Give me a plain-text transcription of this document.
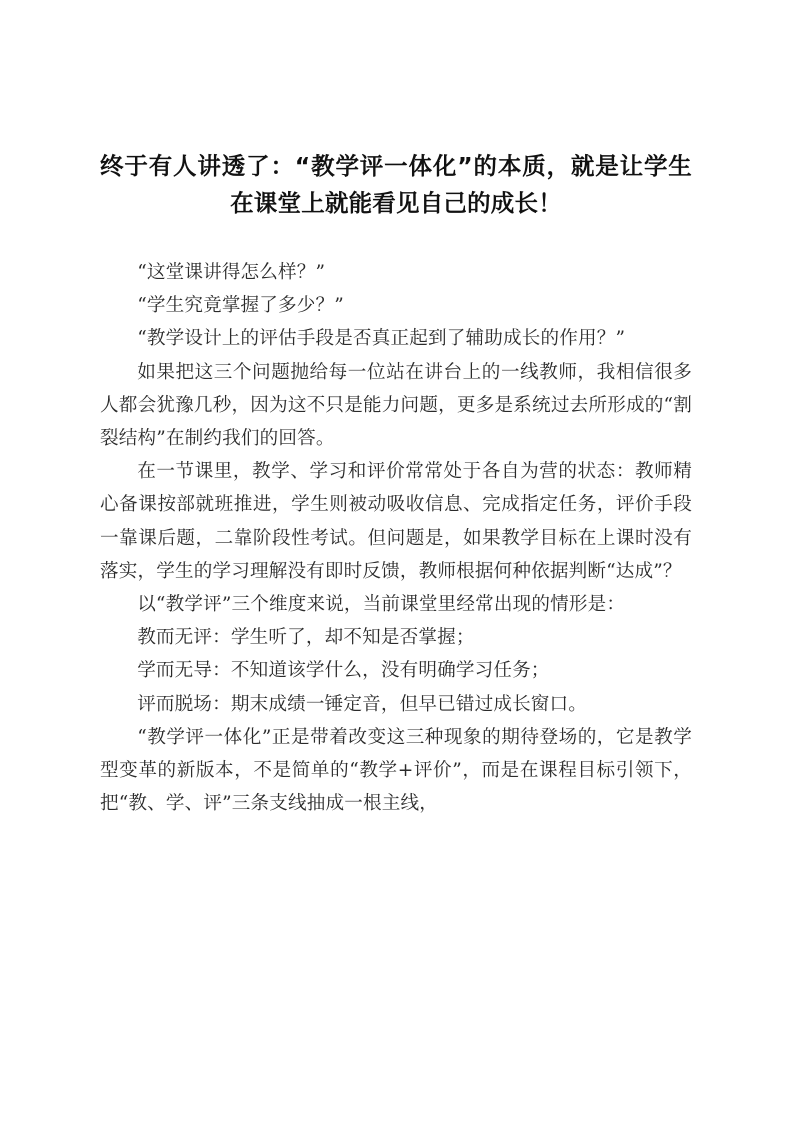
终于有人讲透了：“教学评一体化”的本质，就是让学生
在课堂上就能看见自己的成长！

“这堂课讲得怎么样？”

“学生究竟掌握了多少？”

“教学设计上的评估手段是否真正起到了辅助成长的作用？”

如果把这三个问题抛给每一位站在讲台上的一线教师，我相信很多人都会犹豫几秒，因为这不只是能力问题，更多是系统过去所形成的“割裂结构”在制约我们的回答。

在一节课里，教学、学习和评价常常处于各自为营的状态：教师精心备课按部就班推进，学生则被动吸收信息、完成指定任务，评价手段一靠课后题，二靠阶段性考试。但问题是，如果教学目标在上课时没有落实，学生的学习理解没有即时反馈，教师根据何种依据判断“达成”？

以“教学评”三个维度来说，当前课堂里经常出现的情形是：

教而无评：学生听了，却不知是否掌握；

学而无导：不知道该学什么，没有明确学习任务；

评而脱场：期末成绩一锤定音，但早已错过成长窗口。

“教学评一体化”正是带着改变这三种现象的期待登场的，它是教学型变革的新版本，不是简单的“教学+评价”，而是在课程目标引领下，把“教、学、评”三条支线抽成一根主线，
